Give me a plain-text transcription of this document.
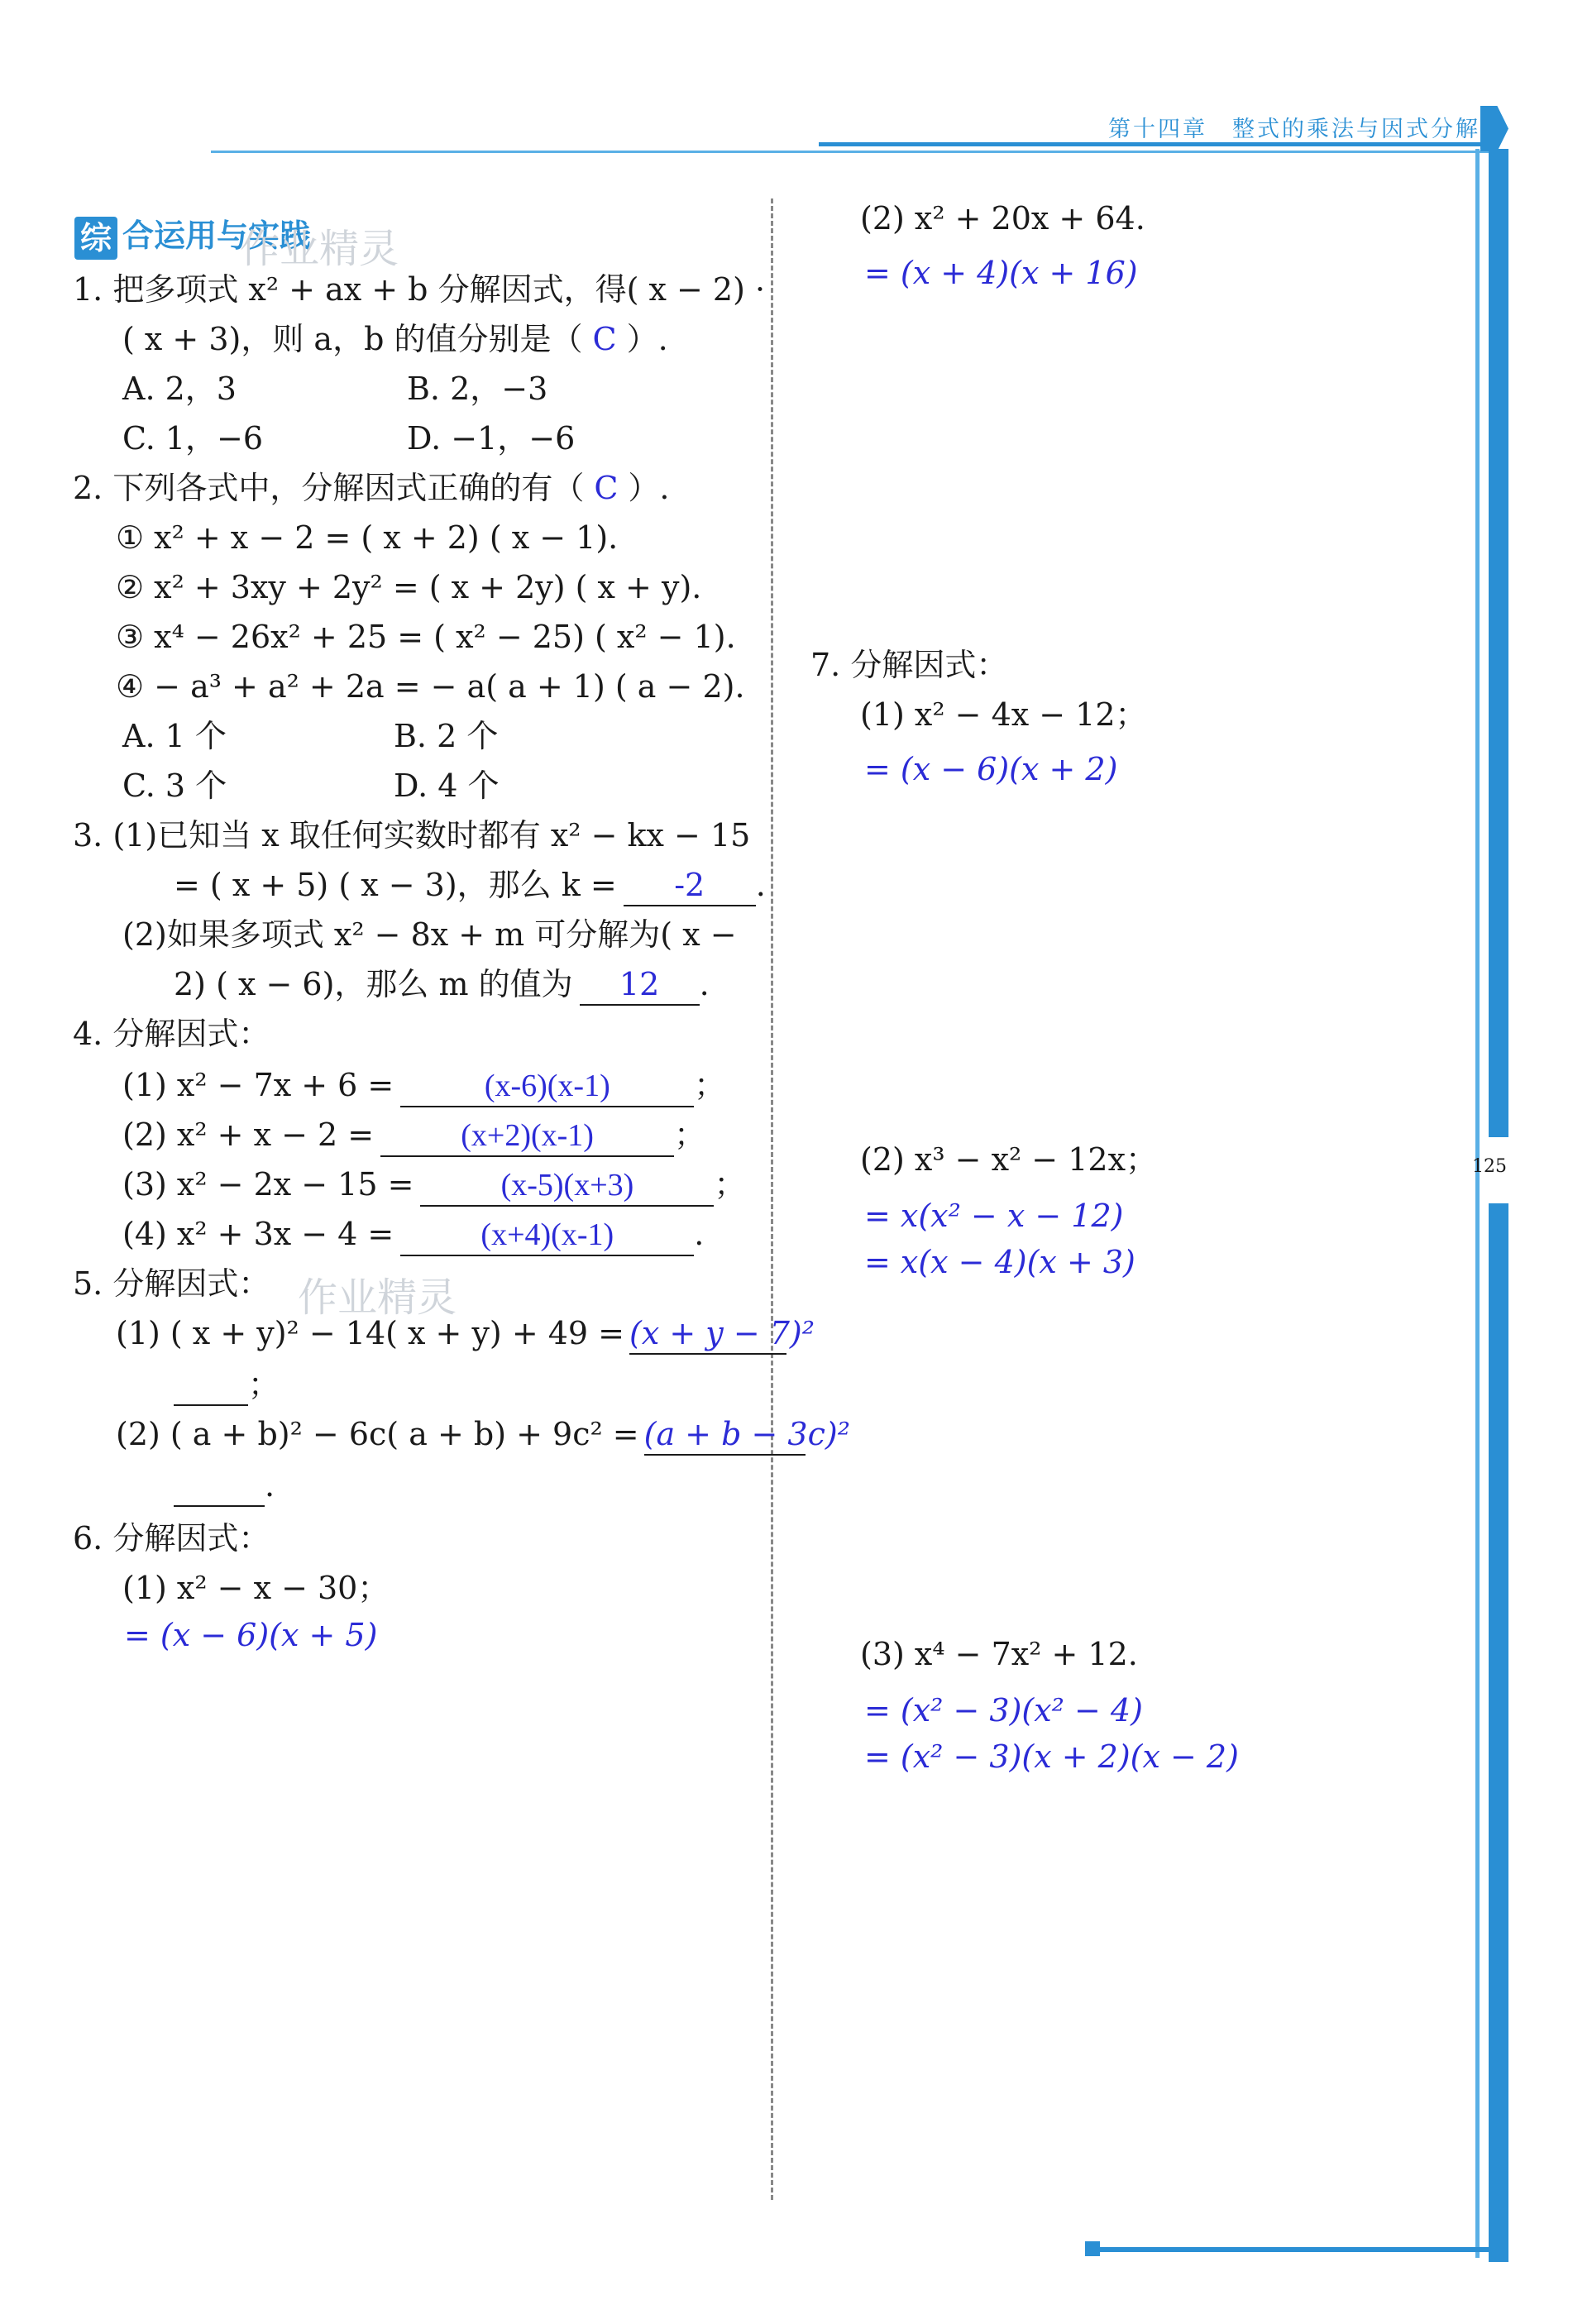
第十四章　整式的乘法与因式分解
125
综 合运用与实践
作业精灵
作业精灵
1. 把多项式 x² + ax + b 分解因式，得( x − 2) ·
( x + 3)，则 a，b 的值分别是（ C ）.
A. 2，3	B. 2，−3
C. 1，−6	D. −1，−6
2. 下列各式中，分解因式正确的有（ C ）.
① x² + x − 2 = ( x + 2) ( x − 1).
② x² + 3xy + 2y² = ( x + 2y) ( x + y).
③ x⁴ − 26x² + 25 = ( x² − 25) ( x² − 1).
④ − a³ + a² + 2a = − a( a + 1) ( a − 2).
A. 1 个	B. 2 个
C. 3 个	D. 4 个
3. (1)已知当 x 取任何实数时都有 x² − kx − 15
= ( x + 5) ( x − 3)，那么 k = -2 .
(2)如果多项式 x² − 8x + m 可分解为( x −
2) ( x − 6)，那么 m 的值为 12 .
4. 分解因式：
(1) x² − 7x + 6 =	(x-6)(x-1)	；
(2) x² + x − 2 =	(x+2)(x-1)	；
(3) x² − 2x − 15 =	(x-5)(x+3)	；
(4) x² + 3x − 4 =	(x+4)(x-1)	.
5. 分解因式：
(1) ( x + y)² − 14( x + y) + 49 = (x + y − 7)²
；
(2) ( a + b)² − 6c( a + b) + 9c² = (a + b − 3c)²
.
6. 分解因式：
(1) x² − x − 30；
= (x − 6)(x + 5)
(2) x² + 20x + 64.
= (x + 4)(x + 16)
7. 分解因式：
(1) x² − 4x − 12；
= (x − 6)(x + 2)
(2) x³ − x² − 12x；
= x(x² − x − 12)
= x(x − 4)(x + 3)
(3) x⁴ − 7x² + 12.
= (x² − 3)(x² − 4)
= (x² − 3)(x + 2)(x − 2)
